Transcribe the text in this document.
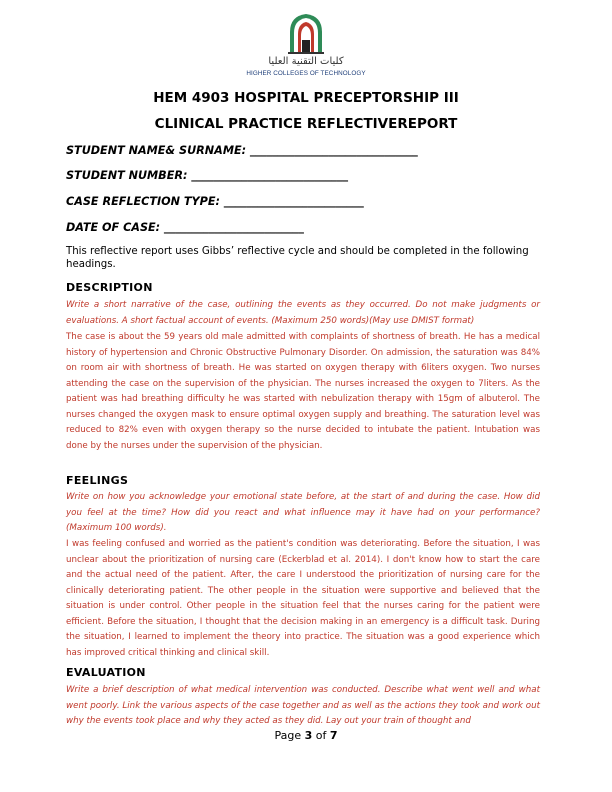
كليات التقنية العليا
HIGHER COLLEGES OF TECHNOLOGY
HEM 4903 HOSPITAL PRECEPTORSHIP III
CLINICAL PRACTICE REFLECTIVEREPORT
STUDENT NAME& SURNAME: ______________________________
STUDENT NUMBER: ____________________________
CASE REFLECTION TYPE: _________________________
DATE OF CASE: _________________________
This reflective report uses Gibbs’ reflective cycle and should be completed in the following headings.
DESCRIPTION
Write a short narrative of the case, outlining the events as they occurred. Do not make judgments or evaluations. A short factual account of events. (Maximum 250 words)(May use DMIST format)
The case is about the 59 years old male admitted with complaints of shortness of breath. He has a medical history of hypertension and Chronic Obstructive Pulmonary Disorder. On admission, the saturation was 84% on room air with shortness of breath. He was started on oxygen therapy with 6liters oxygen. Two nurses attending the case on the supervision of the physician. The nurses increased the oxygen to 7liters. As the patient was had breathing difficulty he was started with nebulization therapy with 15gm of albuterol. The nurses changed the oxygen mask to ensure optimal oxygen supply and breathing. The saturation level was reduced to 82% even with oxygen therapy so the nurse decided to intubate the patient. Intubation was done by the nurses under the supervision of the physician.
FEELINGS
Write on how you acknowledge your emotional state before, at the start of and during the case. How did you feel at the time? How did you react and what influence may it have had on your performance? (Maximum 100 words).
I was feeling confused and worried as the patient's condition was deteriorating. Before the situation, I was unclear about the prioritization of nursing care (Eckerblad et al. 2014). I don't know how to start the care and the actual need of the patient. After, the care I understood the prioritization of nursing care for the clinically deteriorating patient. The other people in the situation were supportive and believed that the situation is under control. Other people in the situation feel that the nurses caring for the patient were efficient. Before the situation, I thought that the decision making in an emergency is a difficult task. During the situation, I learned to implement the theory into practice. The situation was a good experience which has improved critical thinking and clinical skill.
EVALUATION
Write a brief description of what medical intervention was conducted. Describe what went well and what went poorly. Link the various aspects of the case together and as well as the actions they took and work out why the events took place and why they acted as they did. Lay out your train of thought and
Page 3 of 7
